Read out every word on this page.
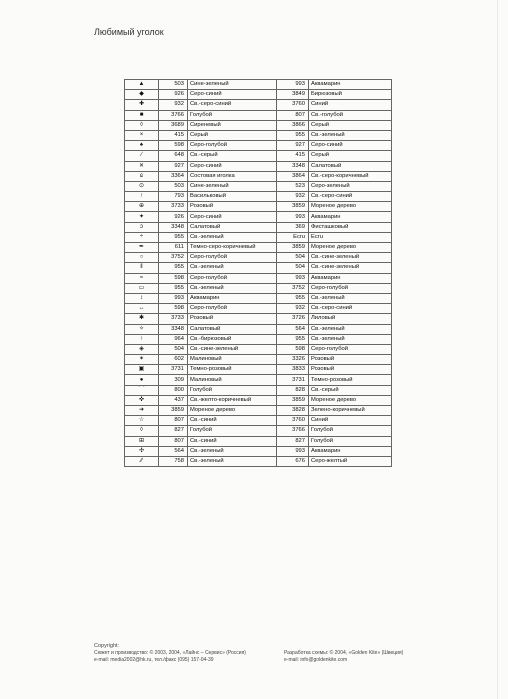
Любимый уголок
▲	503	Сине-зеленый	993	Аквамарин
◆	926	Серо-синий	3849	Бирюзовый
✚	932	Св.-серо-синий	3760	Синий
■	3766	Голубой	807	Св.-голубой
◊	3689	Сиреневый	3866	Серый
×	415	Серый	955	Св.-зеленый
♠	598	Серо-голубой	927	Серо-синий
∕	648	Св.-серый	415	Серый
✕	927	Серо-синий	3348	Салатовый
ɕ	3364	Состовая иголка	3864	Св.-серо-коричневый
⊙	503	Сине-зеленый	523	Серо-зеленый
↑	793	Васильковый	932	Св.-серо-синий
⊕	3733	Розовый	3859	Мореное дерево
✦	926	Серо-синий	993	Аквамарин
ɔ	3348	Салатовый	369	Фисташковый
÷	955	Св.-зеленый	Ecru	Ecru
✒	611	Темно-серо-коричневый	3859	Мореное дерево
○	3752	Серо-голубой	504	Св.-сине-зеленый
‖	955	Св.-зеленый	504	Св.-сине-зеленый
≈	598	Серо-голубой	993	Аквамарин
▭	955	Св.-зеленый	3752	Серо-голубой
↕	993	Аквамарин	955	Св.-зеленый
↔	598	Серо-голубой	932	Св.-серо-синий
✱	3733	Розовый	3726	Лиловый
✧	3348	Салатовый	564	Св.-зеленый
↑	964	Св.-бирюзовый	955	Св.-зеленый
◈	504	Св.-сине-зеленый	598	Серо-голубой
✶	602	Малиновый	3326	Розовый
▣	3731	Темно-розовый	3833	Розовый
●	309	Малиновый	3731	Темно-розовый
⌒	800	Голубой	828	Св.-серый
✜	437	Св.-желто-коричневый	3859	Мореное дерево
➜	3859	Мореное дерево	3828	Зелено-коричневый
☆	807	Св.-синий	3760	Синий
◊	827	Голубой	3766	Голубой
⊞	807	Св.-синий	827	Голубой
✣	564	Св.-зеленый	993	Аквамарин
∕∕	758	Св.-зеленый	676	Серо-желтый
Copyright:
Сюжет и производство: © 2003, 2004, «Лайнс – Сервис» (Россия)
e-mail: media2002@hk.ru, тел./факс (095) 157-04-39
Разработка схемы: © 2004, «Golden Kite» (Швеция)
e-mail: info@goldenkite.com
